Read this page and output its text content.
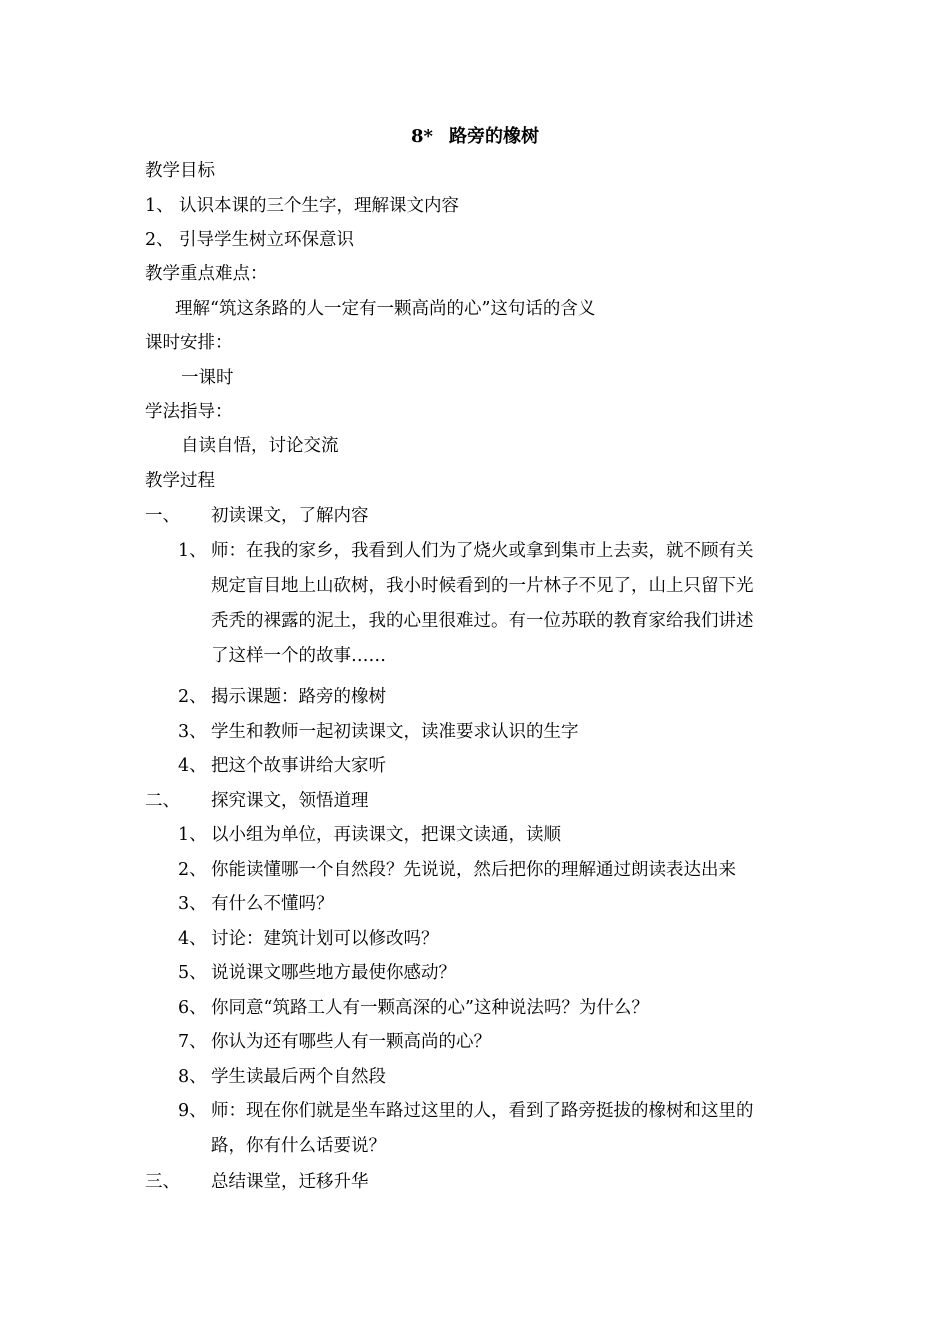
8* 路旁的橡树
教学目标
1、 认识本课的三个生字，理解课文内容
2、 引导学生树立环保意识
教学重点难点：
理解“筑这条路的人一定有一颗高尚的心”这句话的含义
课时安排：
一课时
学法指导：
自读自悟，讨论交流
教学过程
一、 初读课文，了解内容
1、 师：在我的家乡，我看到人们为了烧火或拿到集市上去卖，就不顾有关
规定盲目地上山砍树，我小时候看到的一片林子不见了，山上只留下光
秃秃的裸露的泥土，我的心里很难过。有一位苏联的教育家给我们讲述
了这样一个的故事……
2、 揭示课题：路旁的橡树
3、 学生和教师一起初读课文，读准要求认识的生字
4、 把这个故事讲给大家听
二、 探究课文，领悟道理
1、 以小组为单位，再读课文，把课文读通，读顺
2、 你能读懂哪一个自然段？先说说，然后把你的理解通过朗读表达出来
3、 有什么不懂吗？
4、 讨论：建筑计划可以修改吗？
5、 说说课文哪些地方最使你感动？
6、 你同意“筑路工人有一颗高深的心”这种说法吗？为什么？
7、 你认为还有哪些人有一颗高尚的心？
8、 学生读最后两个自然段
9、 师：现在你们就是坐车路过这里的人，看到了路旁挺拔的橡树和这里的
路，你有什么话要说？
三、 总结课堂，迁移升华
